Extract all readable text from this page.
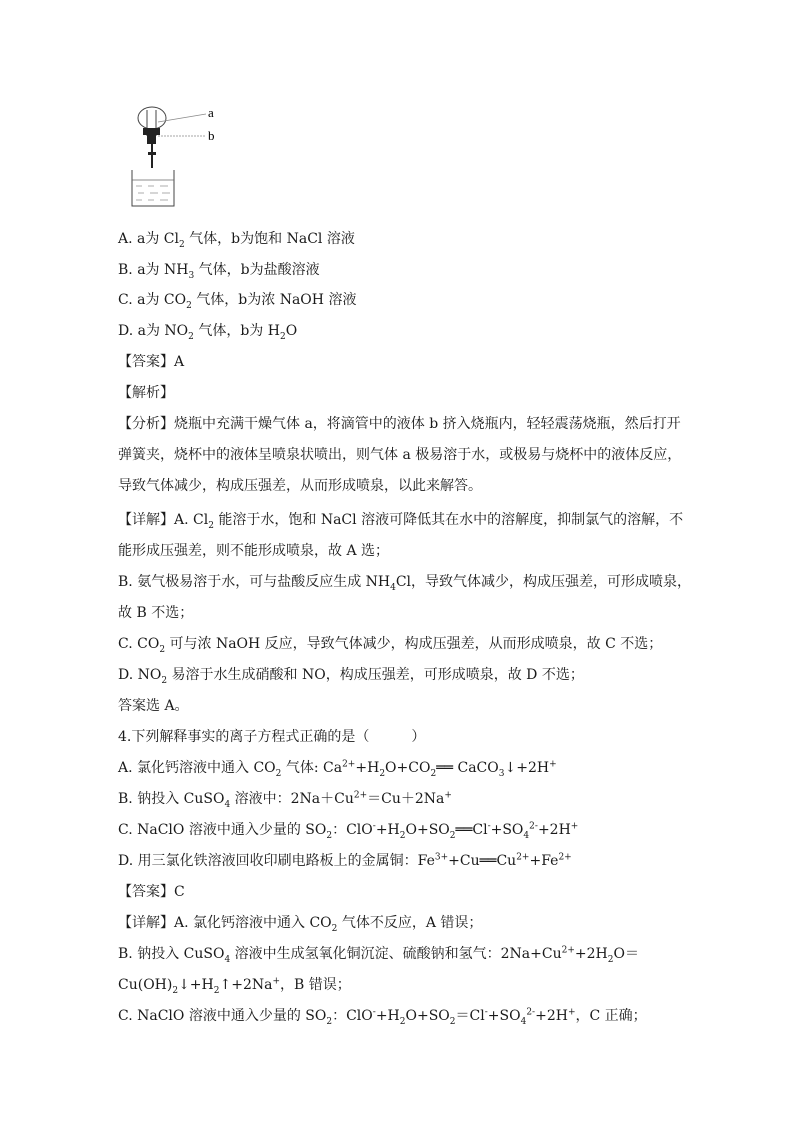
a
b
A. a为 $Cl_2$ 气体，b为饱和 NaCl 溶液
B. a为 $NH_3$ 气体，b为盐酸溶液
C. a为 $CO_2$ 气体，b为浓 NaOH 溶液
D. a为 $NO_2$ 气体，b为 $H_2O$
【答案】A
【解析】
【分析】烧瓶中充满干燥气体 a，将滴管中的液体 b 挤入烧瓶内，轻轻震荡烧瓶，然后打开
弹簧夹，烧杯中的液体呈喷泉状喷出，则气体 a 极易溶于水，或极易与烧杯中的液体反应，
导致气体减少，构成压强差，从而形成喷泉，以此来解答。
【详解】A. $Cl_2$ 能溶于水，饱和 NaCl 溶液可降低其在水中的溶解度，抑制氯气的溶解，不
能形成压强差，则不能形成喷泉，故 A 选；
B. 氨气极易溶于水，可与盐酸反应生成 $NH_4Cl$，导致气体减少，构成压强差，可形成喷泉，
故 B 不选；
C. $CO_2$ 可与浓 NaOH 反应，导致气体减少，构成压强差，从而形成喷泉，故 C 不选；
D. $NO_2$ 易溶于水生成硝酸和 NO，构成压强差，可形成喷泉，故 D 不选；
答案选 A。
4.下列解释事实的离子方程式正确的是（　　　）
A. 氯化钙溶液中通入 $CO_2$ 气体: $Ca^{2+}+H_2O+CO_2══$ CaCO$_3$↓+2H+
B. 钠投入 CuSO$_4$ 溶液中：$2Na+Cu^{2+}=Cu+2Na^+$
C. NaClO 溶液中通入少量的 $SO_2$：$ClO^-+H_2O+SO_2══Cl^-+SO_4^{2-}+2H^+$
D. 用三氯化铁溶液回收印刷电路板上的金属铜：$Fe^{3+}+Cu══Cu^{2+}+Fe^{2+}$
【答案】C
【详解】A. 氯化钙溶液中通入 $CO_2$ 气体不反应，A 错误；
B. 钠投入 CuSO$_4$ 溶液中生成氢氧化铜沉淀、硫酸钠和氢气：$2Na+Cu^{2+}+2H_2O=$
$Cu(OH)_2↓+H_2↑+2Na^+$，B 错误；
C. NaClO 溶液中通入少量的 $SO_2$：$ClO^-+H_2O+SO_2=Cl^-+SO_4^{2-}+2H^+$，C 正确；
